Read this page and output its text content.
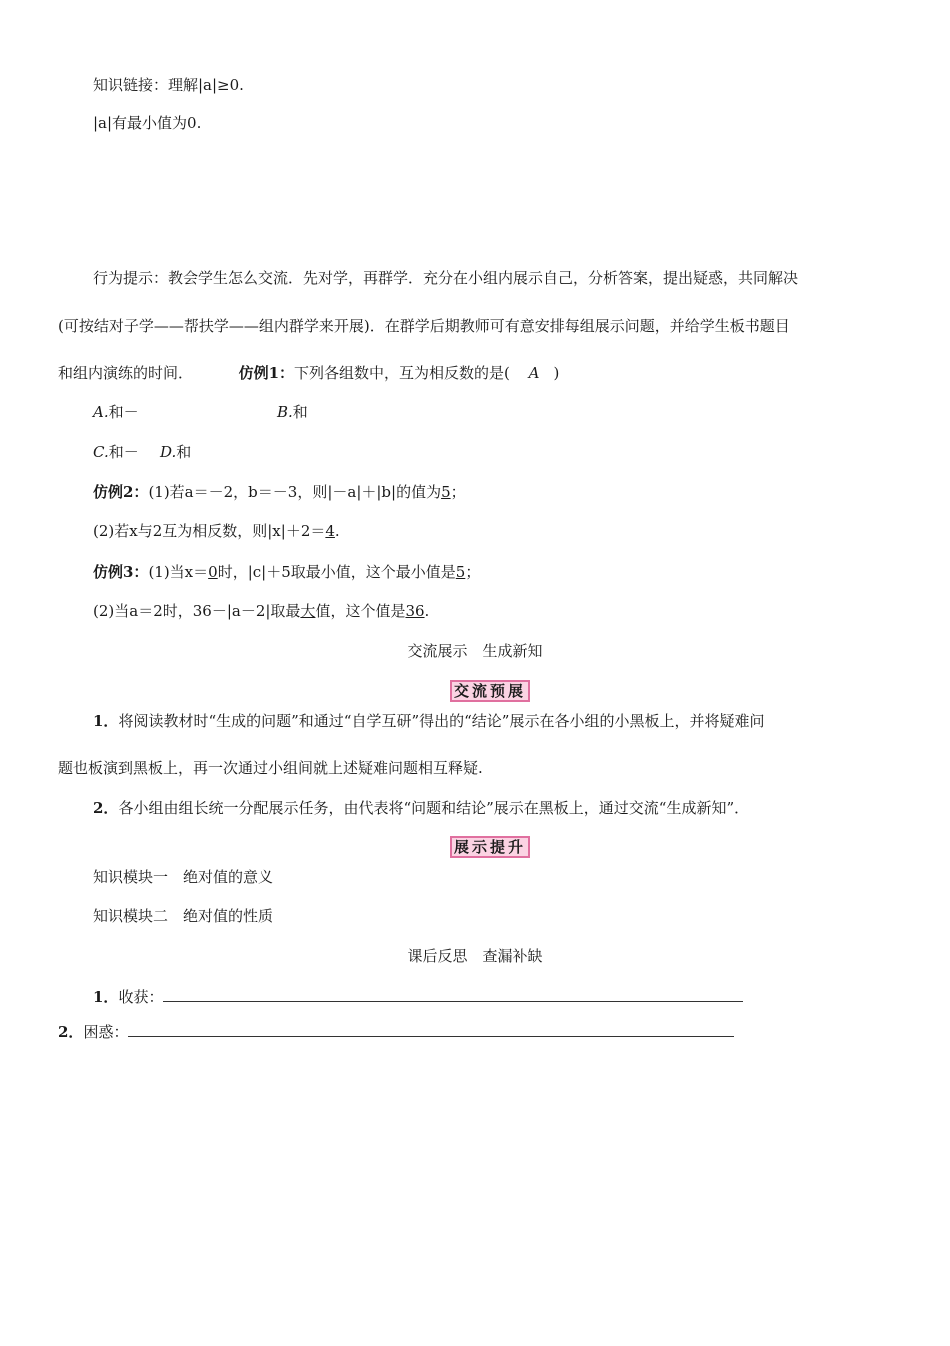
知识链接：理解|a|≥0.
|a|有最小值为0.
行为提示：教会学生怎么交流．先对学，再群学．充分在小组内展示自己，分析答案，提出疑惑，共同解决
(可按结对子学——帮扶学——组内群学来开展)．在群学后期教师可有意安排每组展示问题，并给学生板书题目
和组内演练的时间．	仿例1：下列各组数中，互为相反数的是( A )
A.和－	B.和
C.和－ D.和
仿例2：(1)若a＝－2，b＝－3，则|－a|＋|b|的值为5；
(2)若x与2互为相反数，则|x|＋2＝4.
仿例3：(1)当x＝0时，|c|＋5取最小值，这个最小值是5；
(2)当a＝2时，36－|a－2|取最大值，这个值是36.
交流展示　生成新知
交流预展
1．将阅读教材时“生成的问题”和通过“自学互研”得出的“结论”展示在各小组的小黑板上，并将疑难问
题也板演到黑板上，再一次通过小组间就上述疑难问题相互释疑.
2．各小组由组长统一分配展示任务，由代表将“问题和结论”展示在黑板上，通过交流“生成新知”．
展示提升
知识模块一　绝对值的意义
知识模块二　绝对值的性质
课后反思　查漏补缺
1．收获：
2．困惑：
